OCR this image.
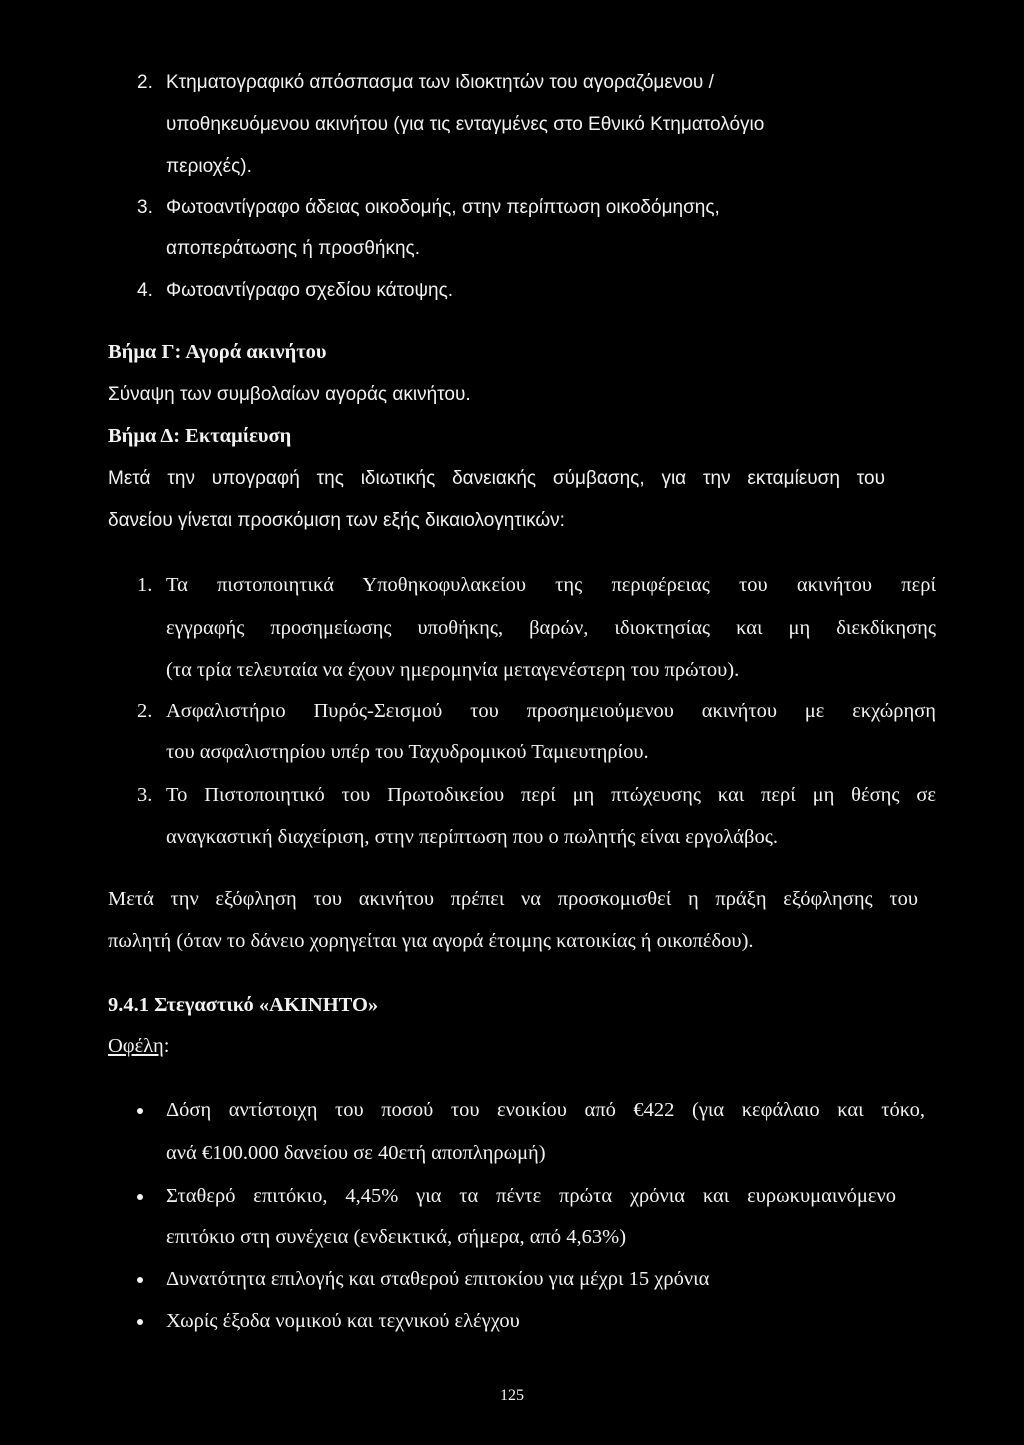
2. Κτηματογραφικό απόσπασμα των ιδιοκτητών του αγοραζόμενου /
υποθηκευόμενου ακινήτου (για τις ενταγμένες στο Εθνικό Κτηματολόγιο
περιοχές).
3. Φωτοαντίγραφο άδειας οικοδομής, στην περίπτωση οικοδόμησης,
αποπεράτωσης ή προσθήκης.
4. Φωτοαντίγραφο σχεδίου κάτοψης.
Βήμα Γ: Αγορά ακινήτου
Σύναψη των συμβολαίων αγοράς ακινήτου.
Βήμα Δ: Εκταμίευση
Μετά την υπογραφή της ιδιωτικής δανειακής σύμβασης, για την εκταμίευση του
δανείου γίνεται προσκόμιση των εξής δικαιολογητικών:
1. Τα πιστοποιητικά Υποθηκοφυλακείου της περιφέρειας του ακινήτου περί
εγγραφής προσημείωσης υποθήκης, βαρών, ιδιοκτησίας και μη διεκδίκησης
(τα τρία τελευταία να έχουν ημερομηνία μεταγενέστερη του πρώτου).
2. Ασφαλιστήριο Πυρός-Σεισμού του προσημειούμενου ακινήτου με εκχώρηση
του ασφαλιστηρίου υπέρ του Ταχυδρομικού Ταμιευτηρίου.
3. Το Πιστοποιητικό του Πρωτοδικείου περί μη πτώχευσης και περί μη θέσης σε
αναγκαστική διαχείριση, στην περίπτωση που ο πωλητής είναι εργολάβος.
Μετά την εξόφληση του ακινήτου πρέπει να προσκομισθεί η πράξη εξόφλησης του
πωλητή (όταν το δάνειο χορηγείται για αγορά έτοιμης κατοικίας ή οικοπέδου).
9.4.1 Στεγαστικό «ΑΚΙΝΗΤΟ»
Οφέλη:
Δόση αντίστοιχη του ποσού του ενοικίου από €422 (για κεφάλαιο και τόκο,
ανά €100.000 δανείου σε 40ετή αποπληρωμή)
Σταθερό επιτόκιο, 4,45% για τα πέντε πρώτα χρόνια και ευρωκυμαινόμενο
επιτόκιο στη συνέχεια (ενδεικτικά, σήμερα, από 4,63%)
Δυνατότητα επιλογής και σταθερού επιτοκίου για μέχρι 15 χρόνια
Χωρίς έξοδα νομικού και τεχνικού ελέγχου
125
